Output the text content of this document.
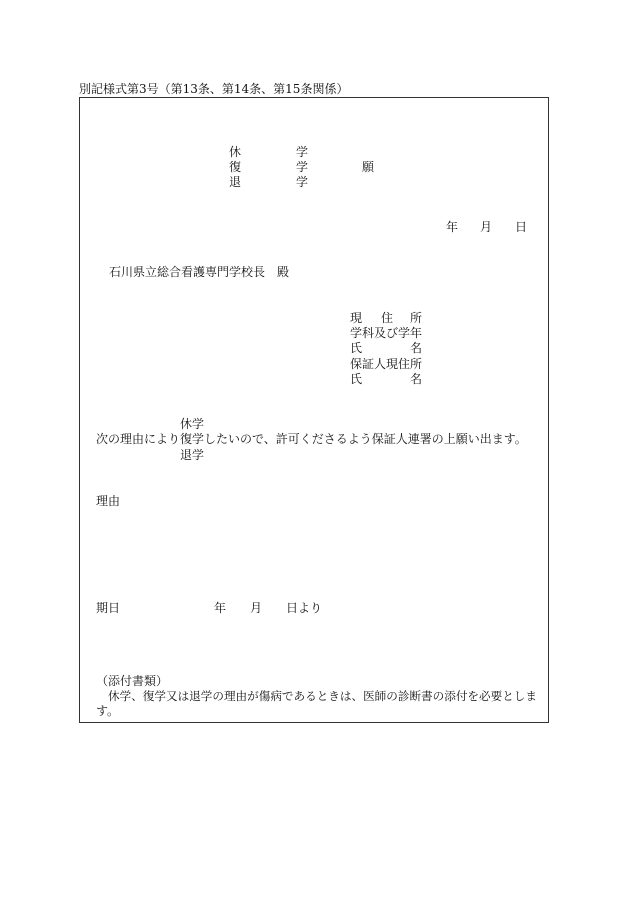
別記様式第3号（第13条、第14条、第15条関係）
休	学
復	学	願
退	学
年 月 日
石川県立総合看護専門学校長　殿
現 住 所
学科及び学年
氏	名
保証人現住所
氏	名
休学
次の理由により 復学したいので、許可くださるよう保証人連署の上願い出ます。
退学
理由
期日	年 月 日より
（添付書類）
休学、復学又は退学の理由が傷病であるときは、医師の診断書の添付を必要としま
す。
